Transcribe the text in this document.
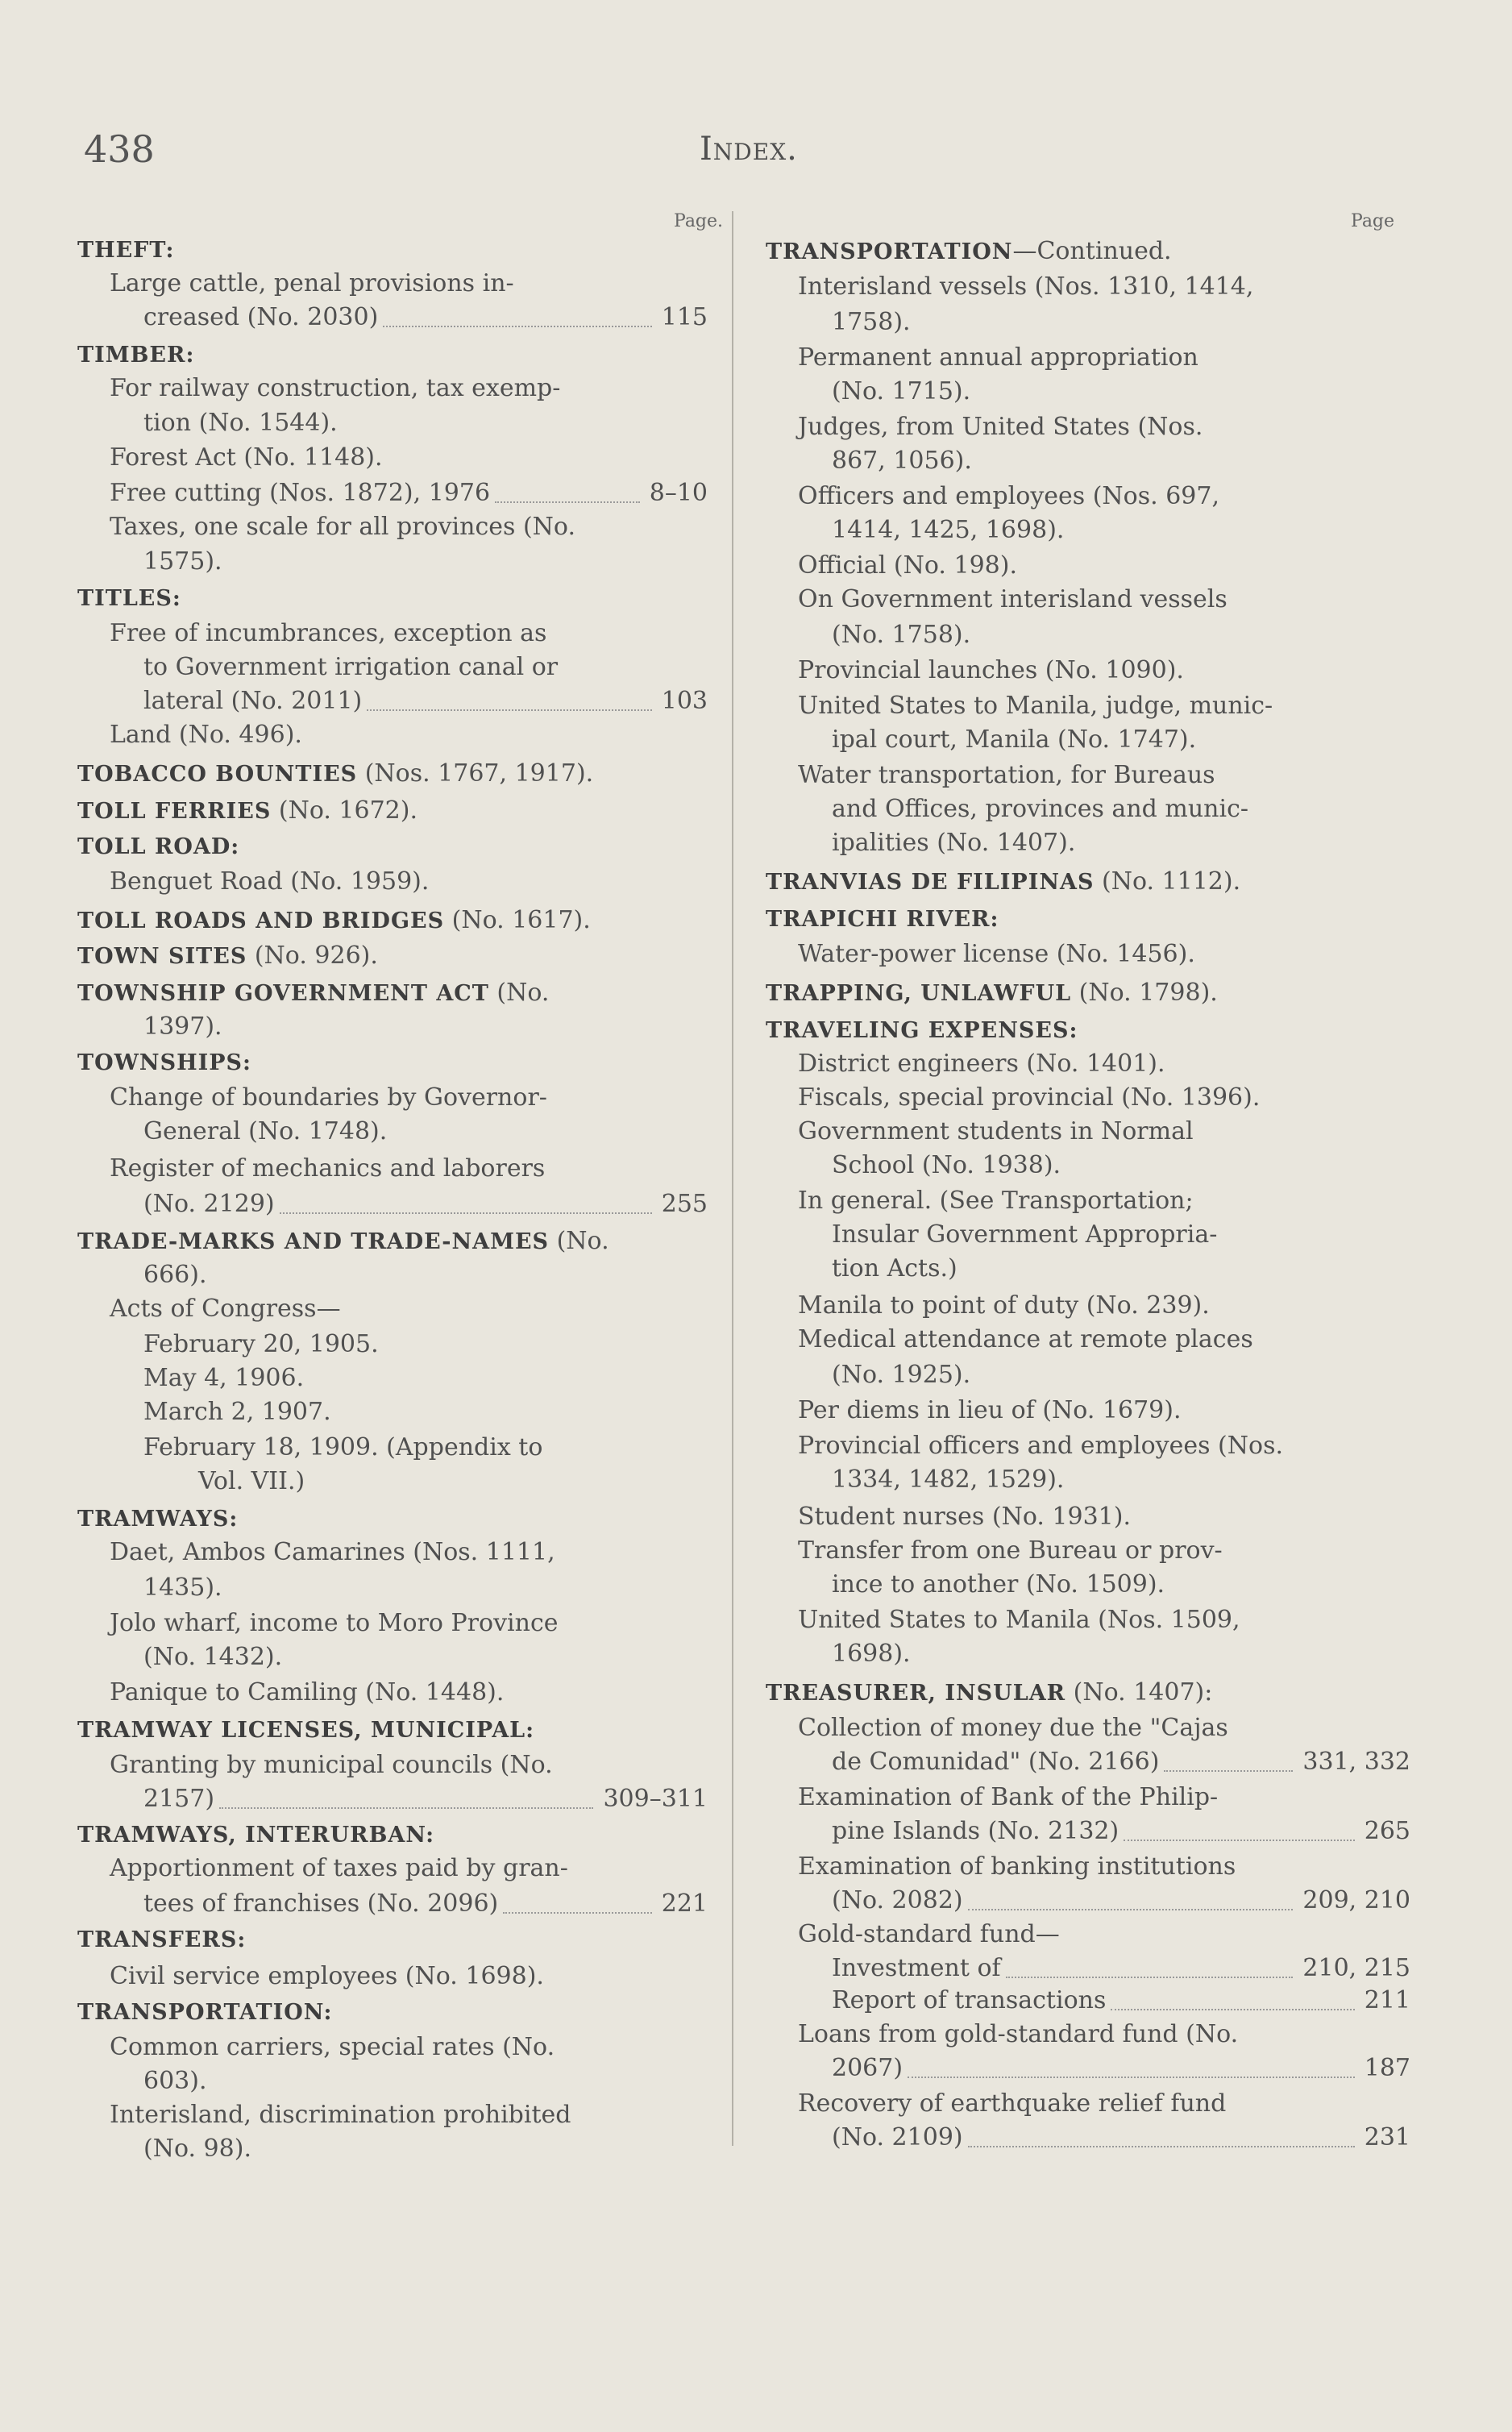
438	Index.
Page.	Page
THEFT:
Large cattle, penal provisions in-
creased (No. 2030)	115
TIMBER:
For railway construction, tax exemp-
tion (No. 1544).
Forest Act (No. 1148).
Free cutting (Nos. 1872), 1976	8–10
Taxes, one scale for all provinces (No.
1575).
TITLES:
Free of incumbrances, exception as
to Government irrigation canal or
lateral (No. 2011)	103
Land (No. 496).
TOBACCO BOUNTIES (Nos. 1767, 1917).
TOLL FERRIES (No. 1672).
TOLL ROAD:
Benguet Road (No. 1959).
TOLL ROADS AND BRIDGES (No. 1617).
TOWN SITES (No. 926).
TOWNSHIP GOVERNMENT ACT (No.
1397).
TOWNSHIPS:
Change of boundaries by Governor-
General (No. 1748).
Register of mechanics and laborers
(No. 2129)	255
TRADE-MARKS AND TRADE-NAMES (No.
666).
Acts of Congress—
February 20, 1905.
May 4, 1906.
March 2, 1907.
February 18, 1909. (Appendix to
Vol. VII.)
TRAMWAYS:
Daet, Ambos Camarines (Nos. 1111,
1435).
Jolo wharf, income to Moro Province
(No. 1432).
Panique to Camiling (No. 1448).
TRAMWAY LICENSES, MUNICIPAL:
Granting by municipal councils (No.
2157)	309–311
TRAMWAYS, INTERURBAN:
Apportionment of taxes paid by gran-
tees of franchises (No. 2096)	221
TRANSFERS:
Civil service employees (No. 1698).
TRANSPORTATION:
Common carriers, special rates (No.
603).
Interisland, discrimination prohibited
(No. 98).
TRANSPORTATION—Continued.
Interisland vessels (Nos. 1310, 1414,
1758).
Permanent annual appropriation
(No. 1715).
Judges, from United States (Nos.
867, 1056).
Officers and employees (Nos. 697,
1414, 1425, 1698).
Official (No. 198).
On Government interisland vessels
(No. 1758).
Provincial launches (No. 1090).
United States to Manila, judge, munic-
ipal court, Manila (No. 1747).
Water transportation, for Bureaus
and Offices, provinces and munic-
ipalities (No. 1407).
TRANVIAS DE FILIPINAS (No. 1112).
TRAPICHI RIVER:
Water-power license (No. 1456).
TRAPPING, UNLAWFUL (No. 1798).
TRAVELING EXPENSES:
District engineers (No. 1401).
Fiscals, special provincial (No. 1396).
Government students in Normal
School (No. 1938).
In general. (See Transportation;
Insular Government Appropria-
tion Acts.)
Manila to point of duty (No. 239).
Medical attendance at remote places
(No. 1925).
Per diems in lieu of (No. 1679).
Provincial officers and employees (Nos.
1334, 1482, 1529).
Student nurses (No. 1931).
Transfer from one Bureau or prov-
ince to another (No. 1509).
United States to Manila (Nos. 1509,
1698).
TREASURER, INSULAR (No. 1407):
Collection of money due the "Cajas
de Comunidad" (No. 2166)	331, 332
Examination of Bank of the Philip-
pine Islands (No. 2132)	265
Examination of banking institutions
(No. 2082)	209, 210
Gold-standard fund—
Investment of	210, 215
Report of transactions	211
Loans from gold-standard fund (No.
2067)	187
Recovery of earthquake relief fund
(No. 2109)	231
